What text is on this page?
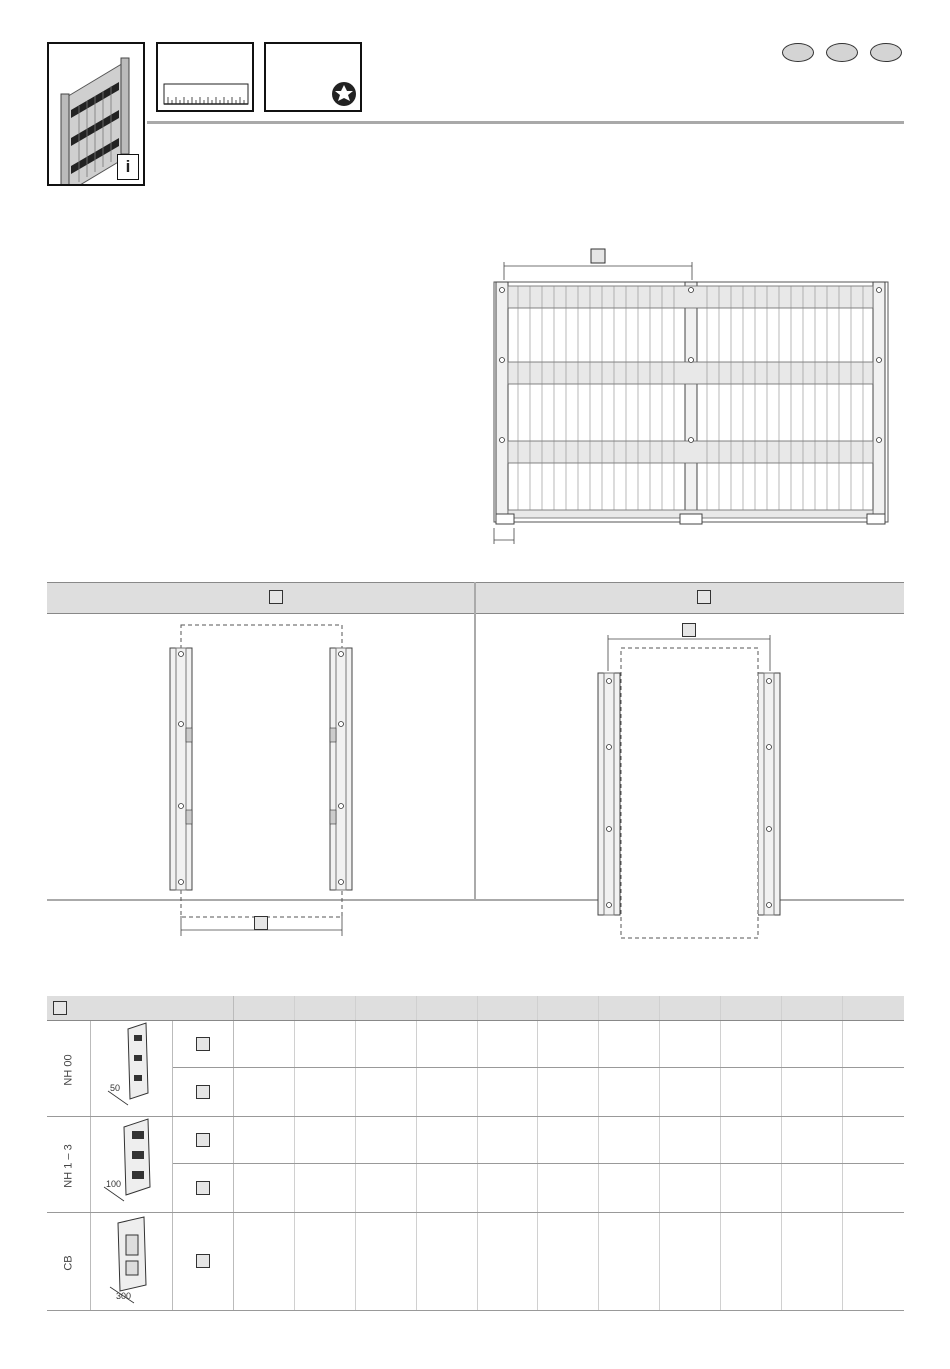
i

NH 00	50												

NH 1 – 3	100												

CB	300												
